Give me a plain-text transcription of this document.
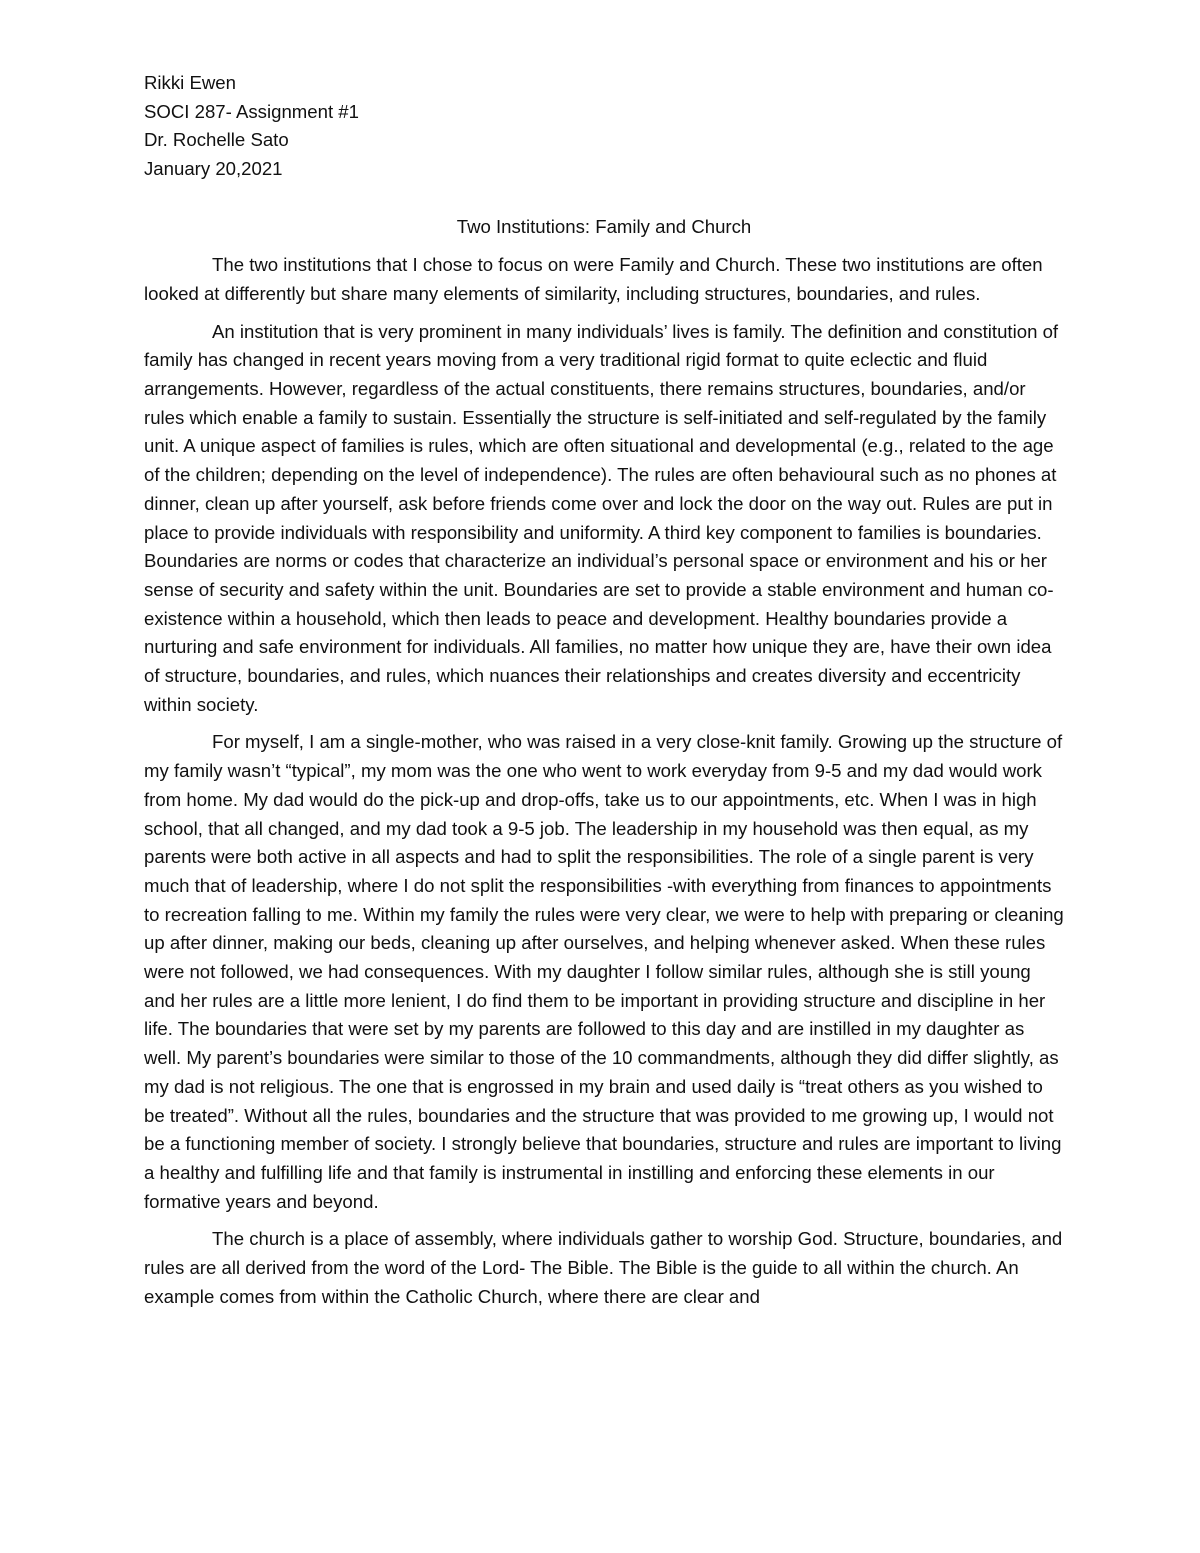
Rikki Ewen

SOCI 287- Assignment #1

Dr. Rochelle Sato

January 20,2021

Two Institutions: Family and Church

The two institutions that I chose to focus on were Family and Church. These two institutions are often looked at differently but share many elements of similarity, including structures, boundaries, and rules.

An institution that is very prominent in many individuals’ lives is family. The definition and constitution of family has changed in recent years moving from a very traditional rigid format to quite eclectic and fluid arrangements. However, regardless of the actual constituents, there remains structures, boundaries, and/or rules which enable a family to sustain. Essentially the structure is self-initiated and self-regulated by the family unit. A unique aspect of families is rules, which are often situational and developmental (e.g., related to the age of the children; depending on the level of independence). The rules are often behavioural such as no phones at dinner, clean up after yourself, ask before friends come over and lock the door on the way out. Rules are put in place to provide individuals with responsibility and uniformity. A third key component to families is boundaries. Boundaries are norms or codes that characterize an individual’s personal space or environment and his or her sense of security and safety within the unit. Boundaries are set to provide a stable environment and human co-existence within a household, which then leads to peace and development. Healthy boundaries provide a nurturing and safe environment for individuals. All families, no matter how unique they are, have their own idea of structure, boundaries, and rules, which nuances their relationships and creates diversity and eccentricity within society.

For myself, I am a single-mother, who was raised in a very close-knit family. Growing up the structure of my family wasn’t “typical”, my mom was the one who went to work everyday from 9-5 and my dad would work from home. My dad would do the pick-up and drop-offs, take us to our appointments, etc. When I was in high school, that all changed, and my dad took a 9-5 job. The leadership in my household was then equal, as my parents were both active in all aspects and had to split the responsibilities. The role of a single parent is very much that of leadership, where I do not split the responsibilities -with everything from finances to appointments to recreation falling to me. Within my family the rules were very clear, we were to help with preparing or cleaning up after dinner, making our beds, cleaning up after ourselves, and helping whenever asked. When these rules were not followed, we had consequences. With my daughter I follow similar rules, although she is still young and her rules are a little more lenient, I do find them to be important in providing structure and discipline in her life. The boundaries that were set by my parents are followed to this day and are instilled in my daughter as well. My parent’s boundaries were similar to those of the 10 commandments, although they did differ slightly, as my dad is not religious. The one that is engrossed in my brain and used daily is “treat others as you wished to be treated”. Without all the rules, boundaries and the structure that was provided to me growing up, I would not be a functioning member of society. I strongly believe that boundaries, structure and rules are important to living a healthy and fulfilling life and that family is instrumental in instilling and enforcing these elements in our formative years and beyond.

The church is a place of assembly, where individuals gather to worship God. Structure, boundaries, and rules are all derived from the word of the Lord- The Bible. The Bible is the guide to all within the church. An example comes from within the Catholic Church, where there are clear and
